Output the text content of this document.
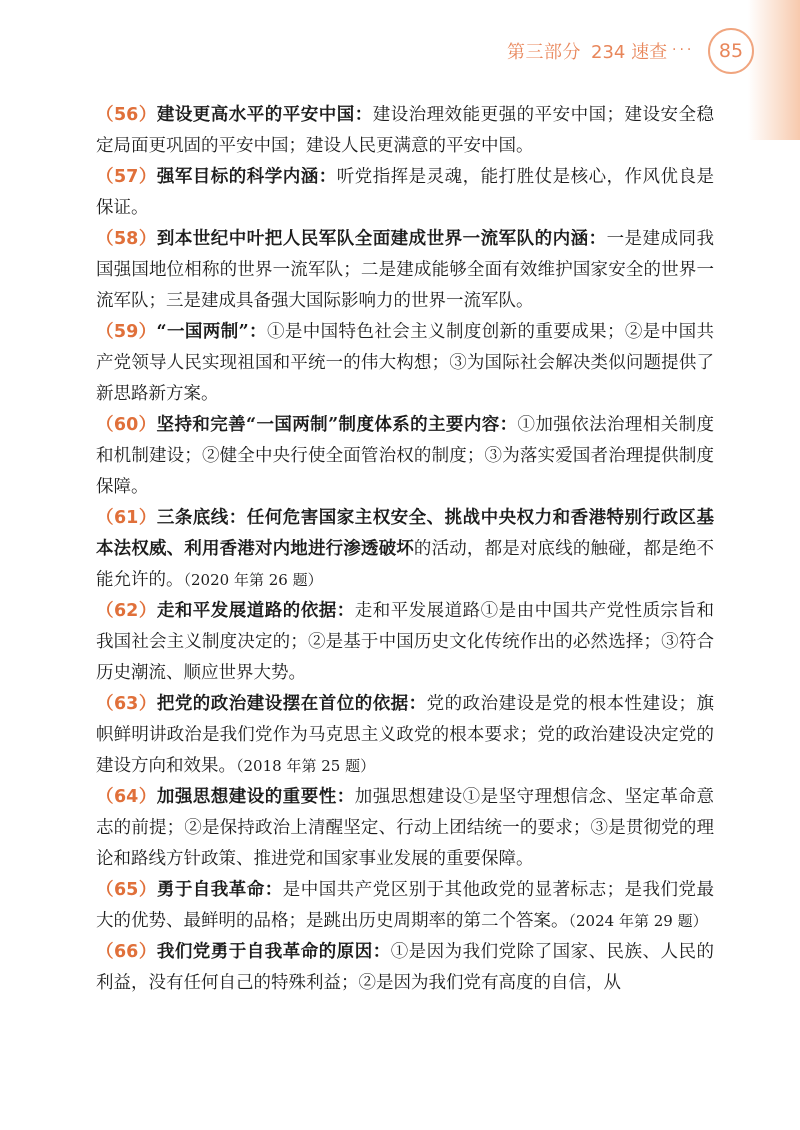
第三部分 234 速查 ···	85

（56）建设更高水平的平安中国：建设治理效能更强的平安中国；建设安全稳定局面更巩固的平安中国；建设人民更满意的平安中国。

（57）强军目标的科学内涵：听党指挥是灵魂，能打胜仗是核心，作风优良是保证。

（58）到本世纪中叶把人民军队全面建成世界一流军队的内涵：一是建成同我国强国地位相称的世界一流军队；二是建成能够全面有效维护国家安全的世界一流军队；三是建成具备强大国际影响力的世界一流军队。

（59）“一国两制”：①是中国特色社会主义制度创新的重要成果；②是中国共产党领导人民实现祖国和平统一的伟大构想；③为国际社会解决类似问题提供了新思路新方案。

（60）坚持和完善“一国两制”制度体系的主要内容：①加强依法治理相关制度和机制建设；②健全中央行使全面管治权的制度；③为落实爱国者治理提供制度保障。

（61）三条底线：任何危害国家主权安全、挑战中央权力和香港特别行政区基本法权威、利用香港对内地进行渗透破坏的活动，都是对底线的触碰，都是绝不能允许的。（2020 年第 26 题）

（62）走和平发展道路的依据：走和平发展道路①是由中国共产党性质宗旨和我国社会主义制度决定的；②是基于中国历史文化传统作出的必然选择；③符合历史潮流、顺应世界大势。

（63）把党的政治建设摆在首位的依据：党的政治建设是党的根本性建设；旗帜鲜明讲政治是我们党作为马克思主义政党的根本要求；党的政治建设决定党的建设方向和效果。（2018 年第 25 题）

（64）加强思想建设的重要性：加强思想建设①是坚守理想信念、坚定革命意志的前提；②是保持政治上清醒坚定、行动上团结统一的要求；③是贯彻党的理论和路线方针政策、推进党和国家事业发展的重要保障。

（65）勇于自我革命：是中国共产党区别于其他政党的显著标志；是我们党最大的优势、最鲜明的品格；是跳出历史周期率的第二个答案。（2024 年第 29 题）

（66）我们党勇于自我革命的原因：①是因为我们党除了国家、民族、人民的利益，没有任何自己的特殊利益；②是因为我们党有高度的自信，从
